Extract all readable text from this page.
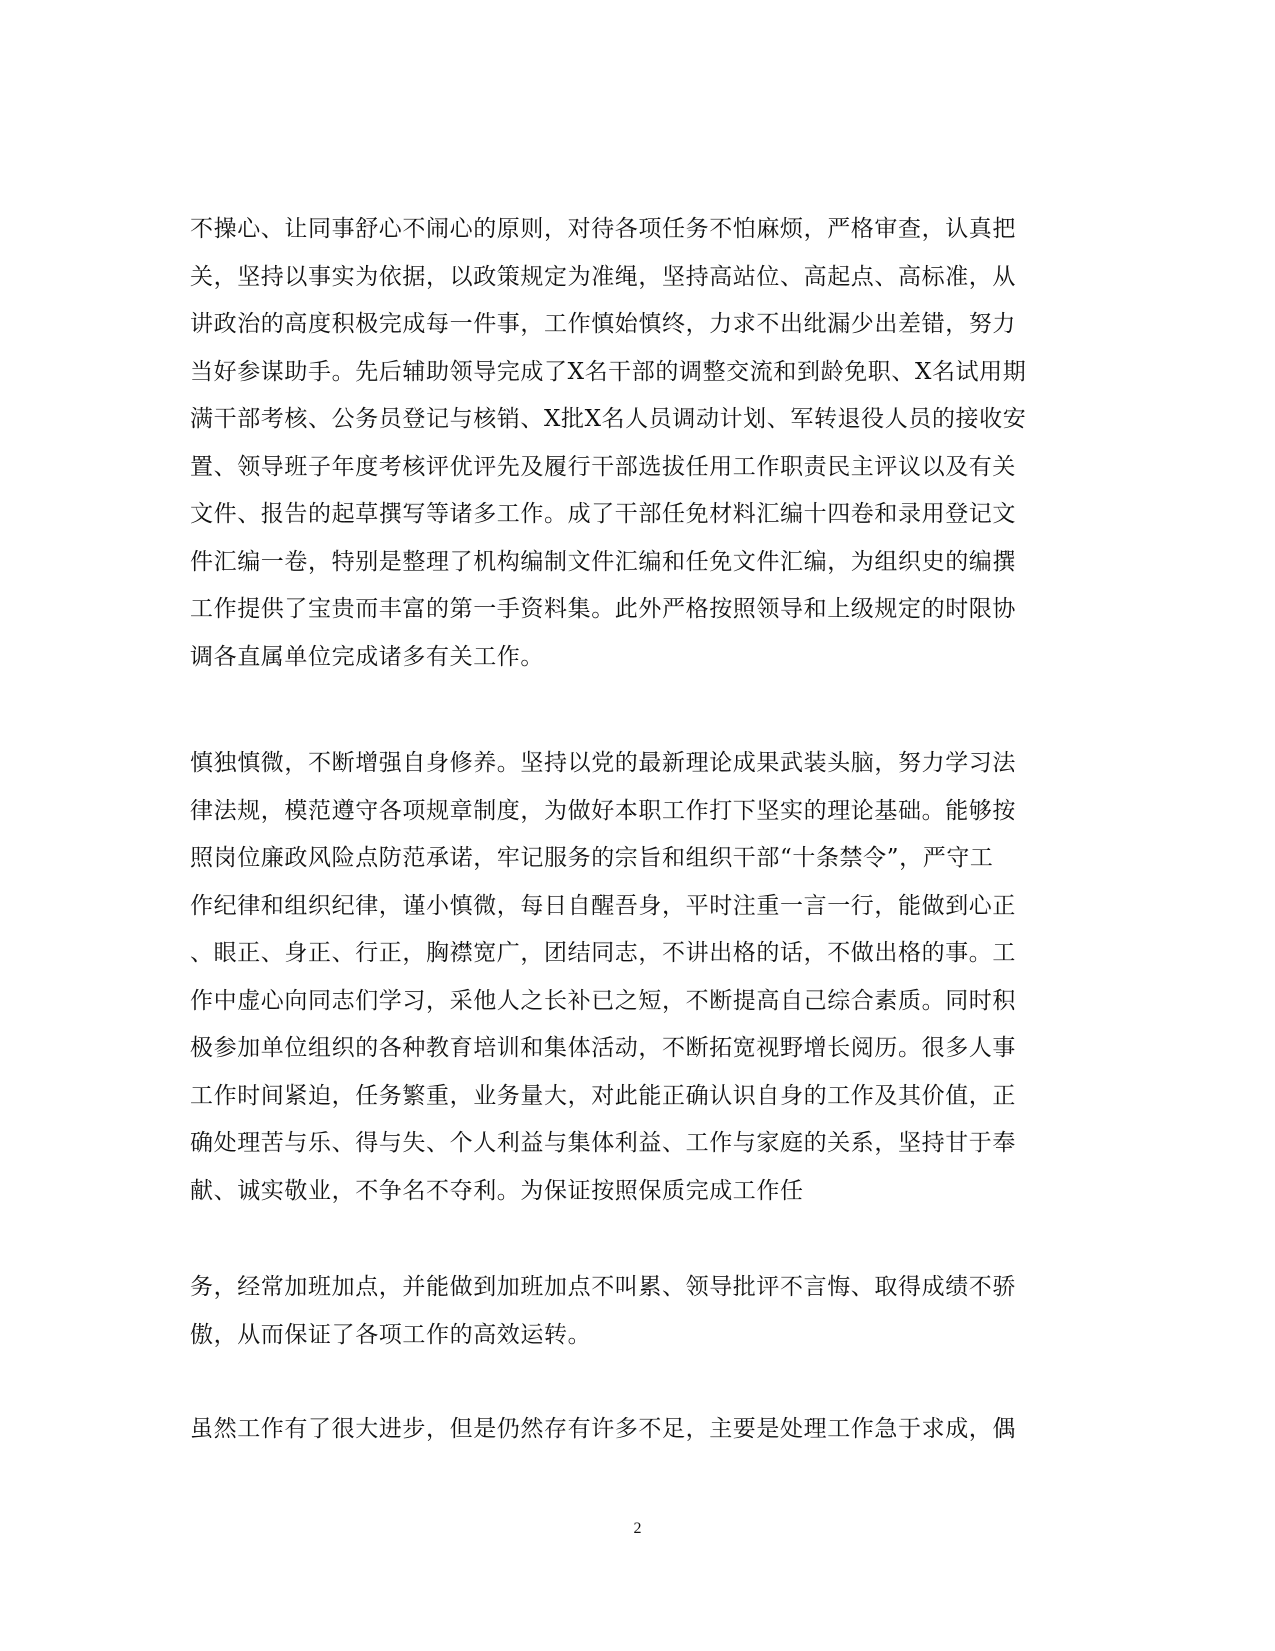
不操心、让同事舒心不闹心的原则，对待各项任务不怕麻烦，严格审查，认真把
关，坚持以事实为依据，以政策规定为准绳，坚持高站位、高起点、高标准，从
讲政治的高度积极完成每一件事，工作慎始慎终，力求不出纰漏少出差错，努力
当好参谋助手。先后辅助领导完成了X名干部的调整交流和到龄免职、X名试用期
满干部考核、公务员登记与核销、X批X名人员调动计划、军转退役人员的接收安
置、领导班子年度考核评优评先及履行干部选拔任用工作职责民主评议以及有关
文件、报告的起草撰写等诸多工作。成了干部任免材料汇编十四卷和录用登记文
件汇编一卷，特别是整理了机构编制文件汇编和任免文件汇编，为组织史的编撰
工作提供了宝贵而丰富的第一手资料集。此外严格按照领导和上级规定的时限协
调各直属单位完成诸多有关工作。
慎独慎微，不断增强自身修养。坚持以党的最新理论成果武装头脑，努力学习法
律法规，模范遵守各项规章制度，为做好本职工作打下坚实的理论基础。能够按
照岗位廉政风险点防范承诺，牢记服务的宗旨和组织干部“十条禁令”，严守工
作纪律和组织纪律，谨小慎微，每日自醒吾身，平时注重一言一行，能做到心正
、眼正、身正、行正，胸襟宽广，团结同志，不讲出格的话，不做出格的事。工
作中虚心向同志们学习，采他人之长补已之短，不断提高自己综合素质。同时积
极参加单位组织的各种教育培训和集体活动，不断拓宽视野增长阅历。很多人事
工作时间紧迫，任务繁重，业务量大，对此能正确认识自身的工作及其价值，正
确处理苦与乐、得与失、个人利益与集体利益、工作与家庭的关系，坚持甘于奉
献、诚实敬业，不争名不夺利。为保证按照保质完成工作任
务，经常加班加点，并能做到加班加点不叫累、领导批评不言悔、取得成绩不骄
傲，从而保证了各项工作的高效运转。
虽然工作有了很大进步，但是仍然存有许多不足，主要是处理工作急于求成，偶
2
